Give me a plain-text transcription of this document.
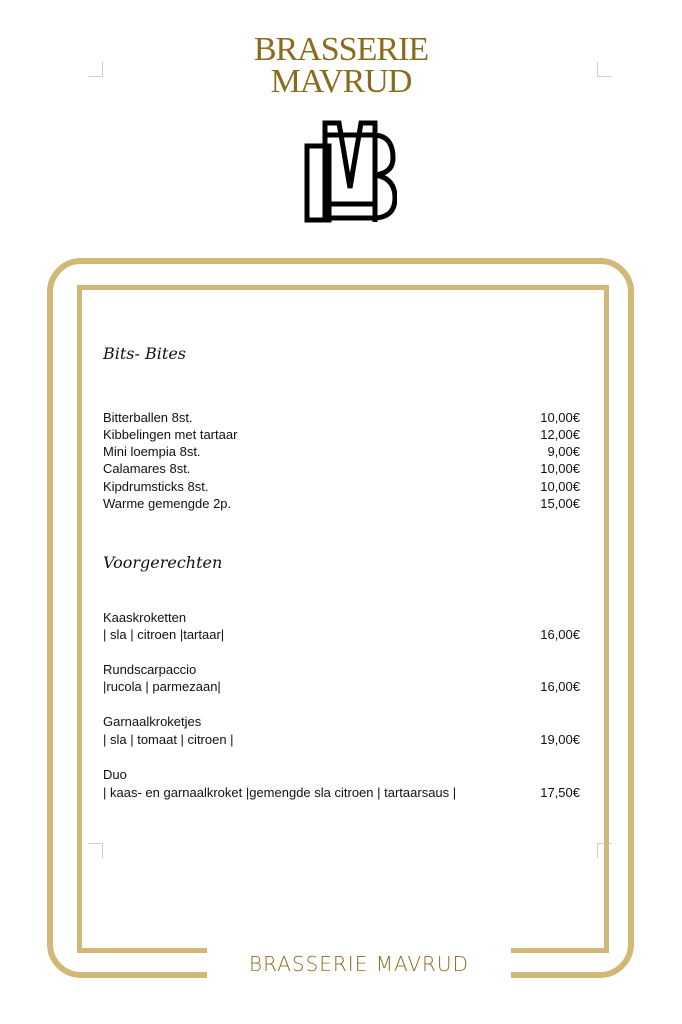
BRASSERIE
MAVRUD
BRASSERIE MAVRUD
Bits- Bites
Bitterballen 8st.	10,00€
Kibbelingen met tartaar	12,00€
Mini loempia 8st.	9,00€
Calamares 8st.	10,00€
Kipdrumsticks 8st.	10,00€
Warme gemengde 2p.	15,00€
Voorgerechten
Kaaskroketten
| sla | citroen |tartaar|	16,00€
Rundscarpaccio
|rucola | parmezaan|	16,00€
Garnaalkroketjes
| sla | tomaat | citroen |	19,00€
Duo
| kaas- en garnaalkroket |gemengde sla citroen | tartaarsaus |	17,50€
